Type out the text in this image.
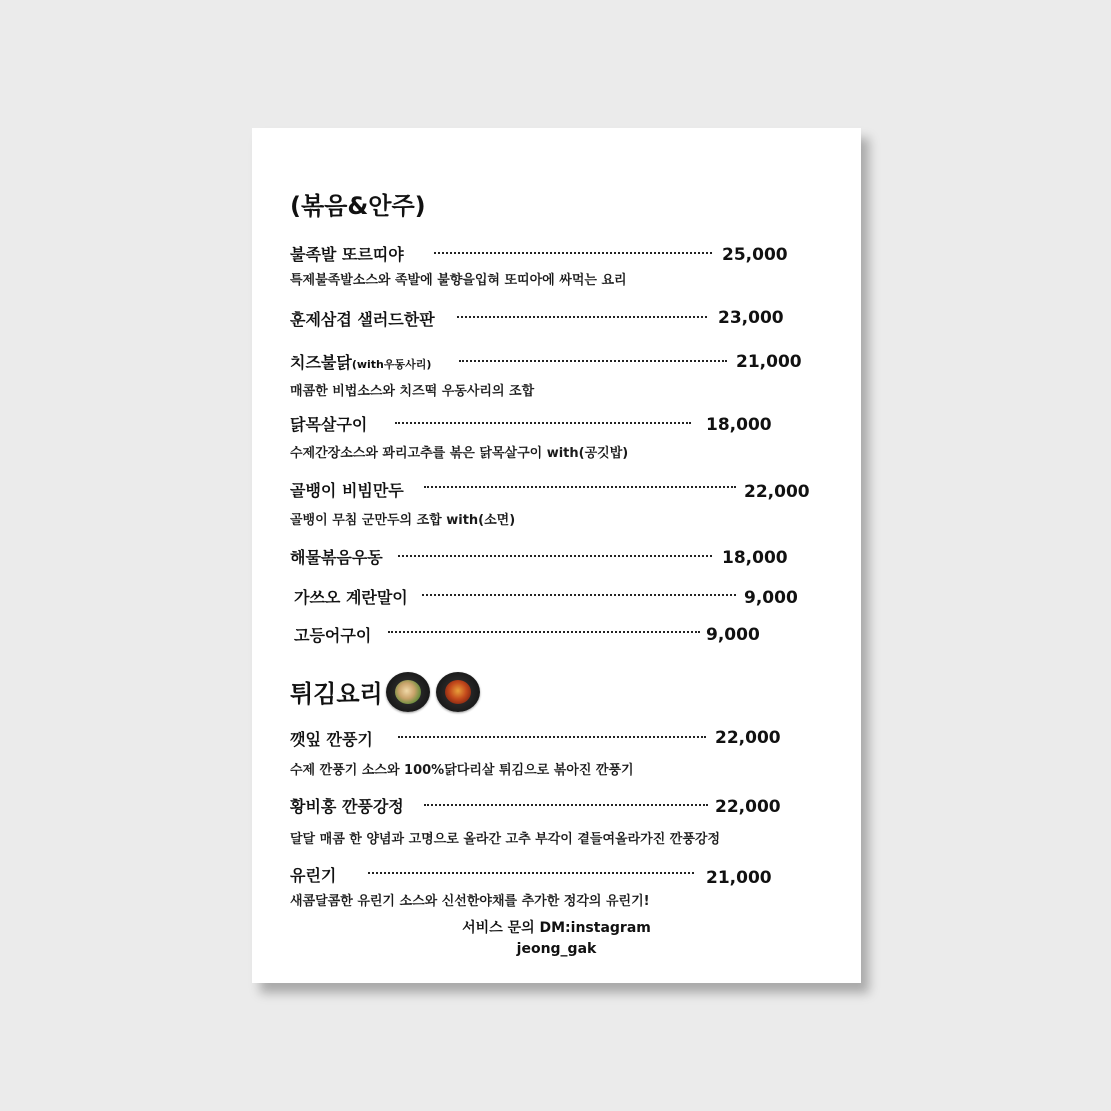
(볶음&안주)
불족발 또르띠야	25,000
특제불족발소스와 족발에 불향을입혀 또띠아에 싸먹는 요리
훈제삼겹 샐러드한판	23,000
치즈불닭(with우동사리)	21,000
매콤한 비법소스와 치즈떡 우동사리의 조합
닭목살구이	18,000
수제간장소스와 꽈리고추를 볶은 닭목살구이 with(공깃밥)
골뱅이 비빔만두	22,000
골뱅이 무침 군만두의 조합 with(소면)
해물볶음우동	18,000
가쓰오 계란말이	9,000
고등어구이	9,000
튀김요리
깻잎 깐풍기	22,000
수제 깐풍기 소스와 100%닭다리살 튀김으로 볶아진 깐풍기
황비홍 깐풍강정	22,000
달달 매콤 한 양념과 고명으로 올라간 고추 부각이 곁들여올라가진 깐풍강정
유린기	21,000
새콤달콤한 유린기 소스와 신선한야채를 추가한 정각의 유린기!
서비스 문의 DM:instagram
jeong_gak
